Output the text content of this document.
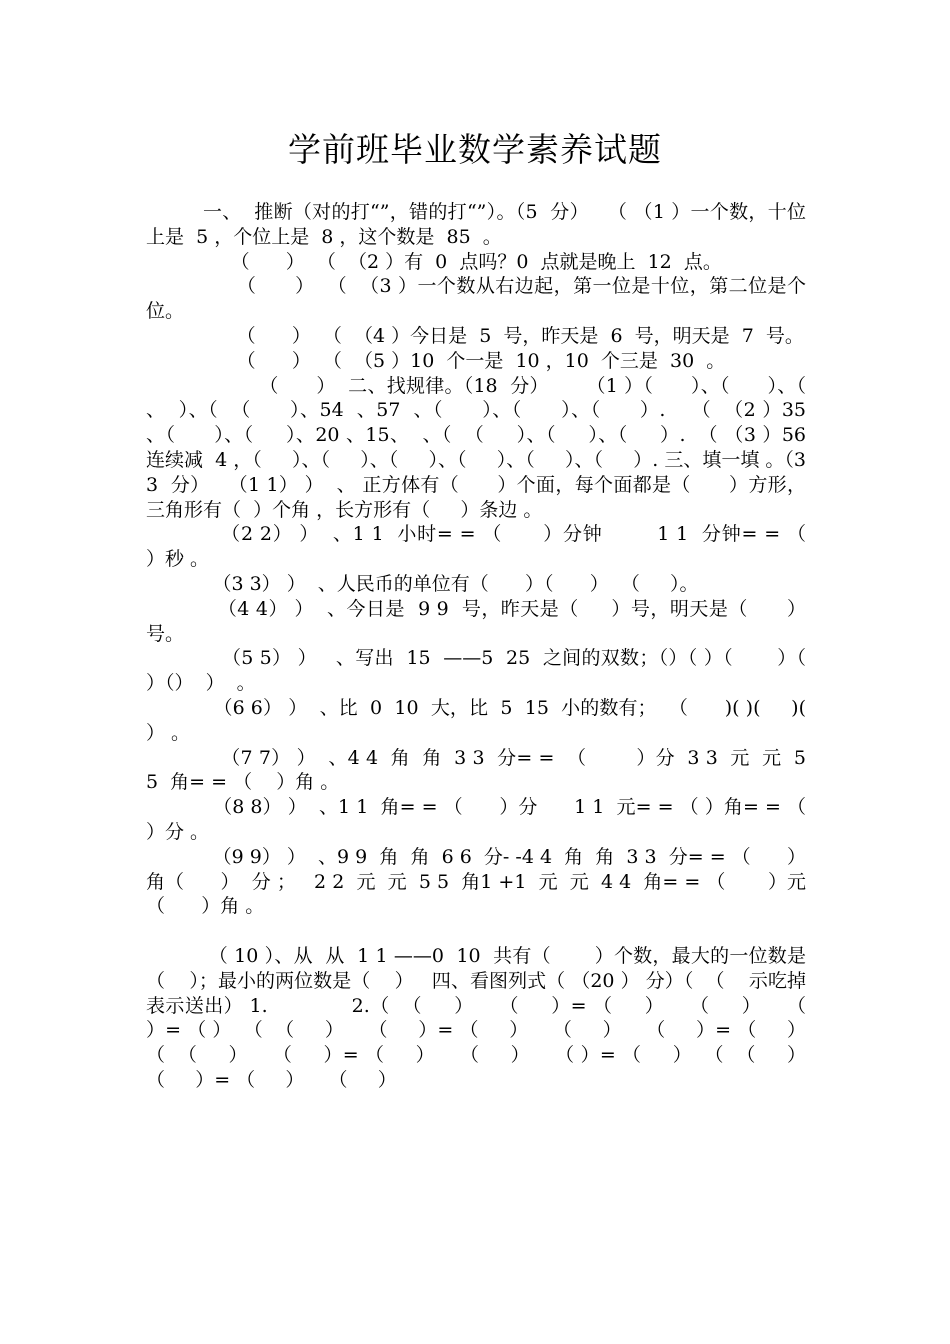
学前班毕业数学素养试题

一、  推断（对的打“”，错的打“”）。（5  分）   （ （1 ）一个数，十位上是  5 ，个位上是  8 ，这个数是  85  。

（      ）  （  （2 ）有  0  点吗？0  点就是晚上  12  点。

（      ）  （  （3 ）一个数从右边起，第一位是十位，第二位是个位。

（      ）  （  （4 ）今日是  5  号，昨天是  6  号，明天是  7  号。

（      ）  （  （5 ）10  个一是  10 ，10  个三是  30  。

（      ）  二、找规律。（18  分）      （1 ）（      ）、（      ）、（      、  ）、（  （      ）、54  、57  、（      ）、（      ）、（      ）.    （  （2 ）35  、（      ）、（     ）、20 、15、  、（  （     ）、（     ）、（     ）.  （ （3 ）56  连续减  4 ，（     ）、（     ）、（     ）、（     ）、（     ）、（     ）. 三、填一填 。（33  分）   （1 1） ）  、 正方体有（      ）个面，每个面都是（      ）方形，三角形有（  ）个角 ，长方形有（     ）条边 。

（2 2） ）  、1 1  小时= = （      ）分钟        1 1  分钟= = （       ）秒 。

（3 3） ）  、人民币的单位有（      ）（      ）  （     ）。

（4 4） ）  、今日是  9 9  号，昨天是（     ）号，明天是（      ）号。

（5 5） ）   、写出  15  ——5  25  之间的双数；（）（ ）（       ）（       ）（）  ）  。

（6 6） ）  、比  0  10  大，比  5  15  小的数有；  （      )( )(     )(    ） 。

（7 7） ）  、4 4  角  角  3 3  分= =  （        ）分  3 3  元  元  5 5  角= = （    ）角 。

（8 8） ）  、1 1  角= = （      ）分      1 1  元= = （ ）角= = （     ）分 。

（9 9） ）  、9 9  角  角  6 6  分- -4 4  角  角  3 3  分= = （      ）角（      ）  分 ；   2 2  元  元  5 5  角1 +1  元  元  4 4  角= = （       ）元 （      ）角 。

（ 10 ）、从  从  1 1 ——0  10  共有（       ）个数，最大的一位数是（    ）；最小的两位数是（    ）   四、看图列式（ （20 ） 分）（  （    示吃掉      表示送出） 1.             2.（  （     ）    （     ）= （     ）    （     ）    （     ）= （ ）  （  （     ）    （     ）= （     ）    （     ）    （     ）= （     ）  （  （     ）    （     ）= （     ）    （     ）    （ ）= （     ）  （  （     ）    （     ）= （     ）    （     ）
